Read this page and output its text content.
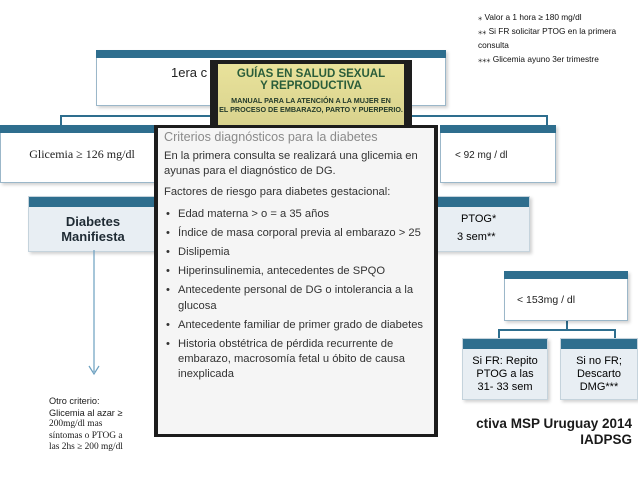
1era c
Glicemia ≥ 126 mg/dl	< 92 mg / dl
Diabetes
Manifiesta
PTOG*
3 sem**
< 153mg / dl
Si FR: Repito
PTOG a las
31- 33 sem
Si no FR;
Descarto
DMG***
Otro criterio:
Glicemia al azar ≥
200mg/dl mas
síntomas o PTOG a
las 2hs ≥ 200 mg/dl
⁎ Valor a 1 hora ≥ 180 mg/dl
⁎⁎ Si FR solicitar PTOG en la primera
consulta
⁎⁎⁎ Glicemia ayuno 3er trimestre
GUÍAS EN SALUD SEXUAL
Y REPRODUCTIVA
MANUAL PARA LA ATENCIÓN A LA MUJER EN
EL PROCESO DE EMBARAZO, PARTO Y PUERPERIO.
Criterios diagnósticos para la diabetes

En la primera consulta se realizará una glicemia en ayunas para el diagnóstico de DG.

Factores de riesgo para diabetes gestacional:

• Edad materna > o = a 35 años
• Índice de masa corporal previa al embarazo > 25
• Dislipemia
• Hiperinsulinemia, antecedentes de SPQO
• Antecedente personal de DG o intolerancia a la glucosa
• Antecedente familiar de primer grado de diabetes
• Historia obstétrica de pérdida recurrente de embarazo, macrosomía fetal u óbito de causa inexplicada
ctiva MSP Uruguay 2014
IADPSG
